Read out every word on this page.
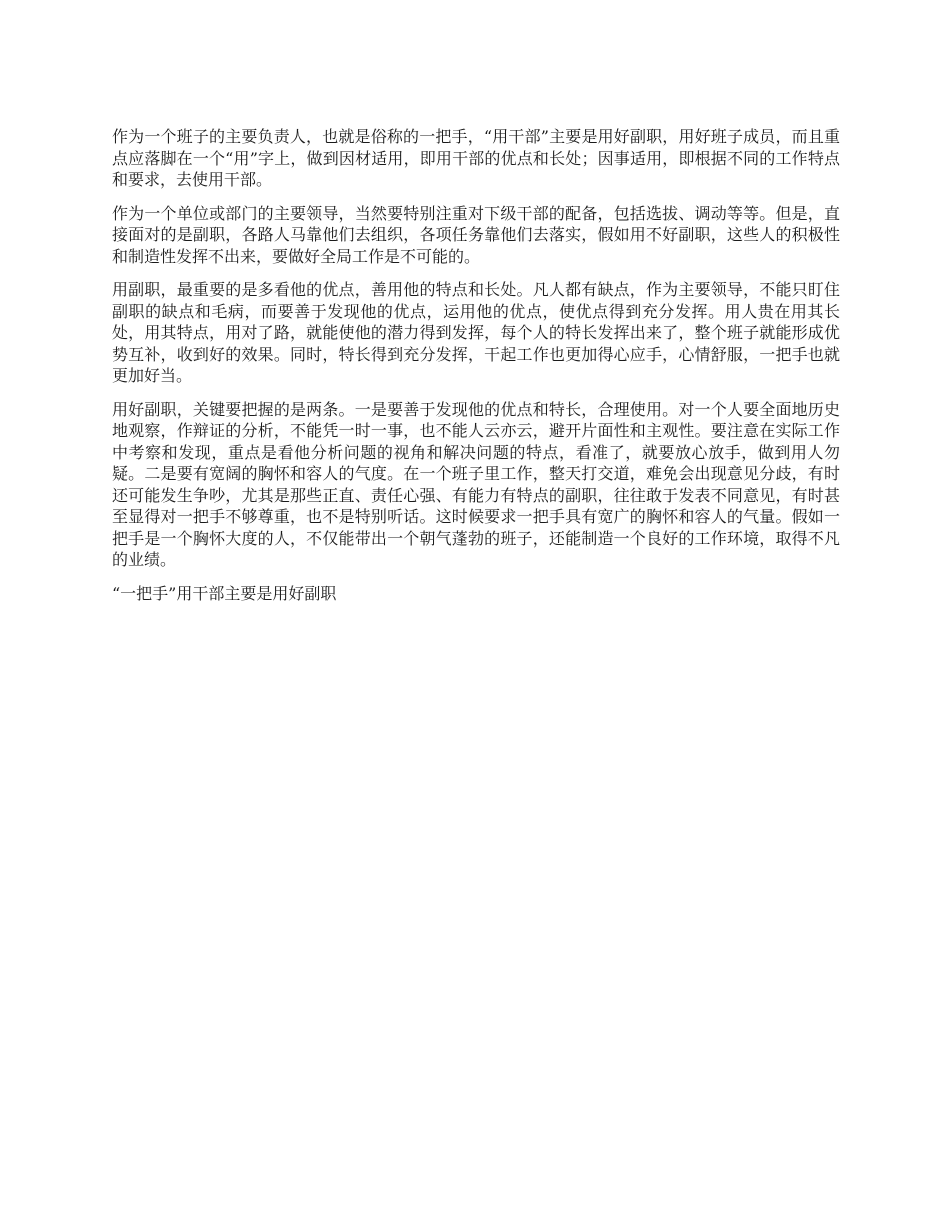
作为一个班子的主要负责人，也就是俗称的一把手，“用干部”主要是用好副职，用好班子成员，而且重点应落脚在一个“用”字上，做到因材适用，即用干部的优点和长处；因事适用，即根据不同的工作特点和要求，去使用干部。

作为一个单位或部门的主要领导，当然要特别注重对下级干部的配备，包括选拔、调动等等。但是，直接面对的是副职，各路人马靠他们去组织，各项任务靠他们去落实，假如用不好副职，这些人的积极性和制造性发挥不出来，要做好全局工作是不可能的。

用副职，最重要的是多看他的优点，善用他的特点和长处。凡人都有缺点，作为主要领导，不能只盯住副职的缺点和毛病，而要善于发现他的优点，运用他的优点，使优点得到充分发挥。用人贵在用其长处，用其特点，用对了路，就能使他的潜力得到发挥，每个人的特长发挥出来了，整个班子就能形成优势互补，收到好的效果。同时，特长得到充分发挥，干起工作也更加得心应手，心情舒服，一把手也就更加好当。

用好副职，关键要把握的是两条。一是要善于发现他的优点和特长，合理使用。对一个人要全面地历史地观察，作辩证的分析，不能凭一时一事，也不能人云亦云，避开片面性和主观性。要注意在实际工作中考察和发现，重点是看他分析问题的视角和解决问题的特点，看准了，就要放心放手，做到用人勿疑。二是要有宽阔的胸怀和容人的气度。在一个班子里工作，整天打交道，难免会出现意见分歧，有时还可能发生争吵，尤其是那些正直、责任心强、有能力有特点的副职，往往敢于发表不同意见，有时甚至显得对一把手不够尊重，也不是特别听话。这时候要求一把手具有宽广的胸怀和容人的气量。假如一把手是一个胸怀大度的人，不仅能带出一个朝气蓬勃的班子，还能制造一个良好的工作环境，取得不凡的业绩。

“一把手”用干部主要是用好副职
